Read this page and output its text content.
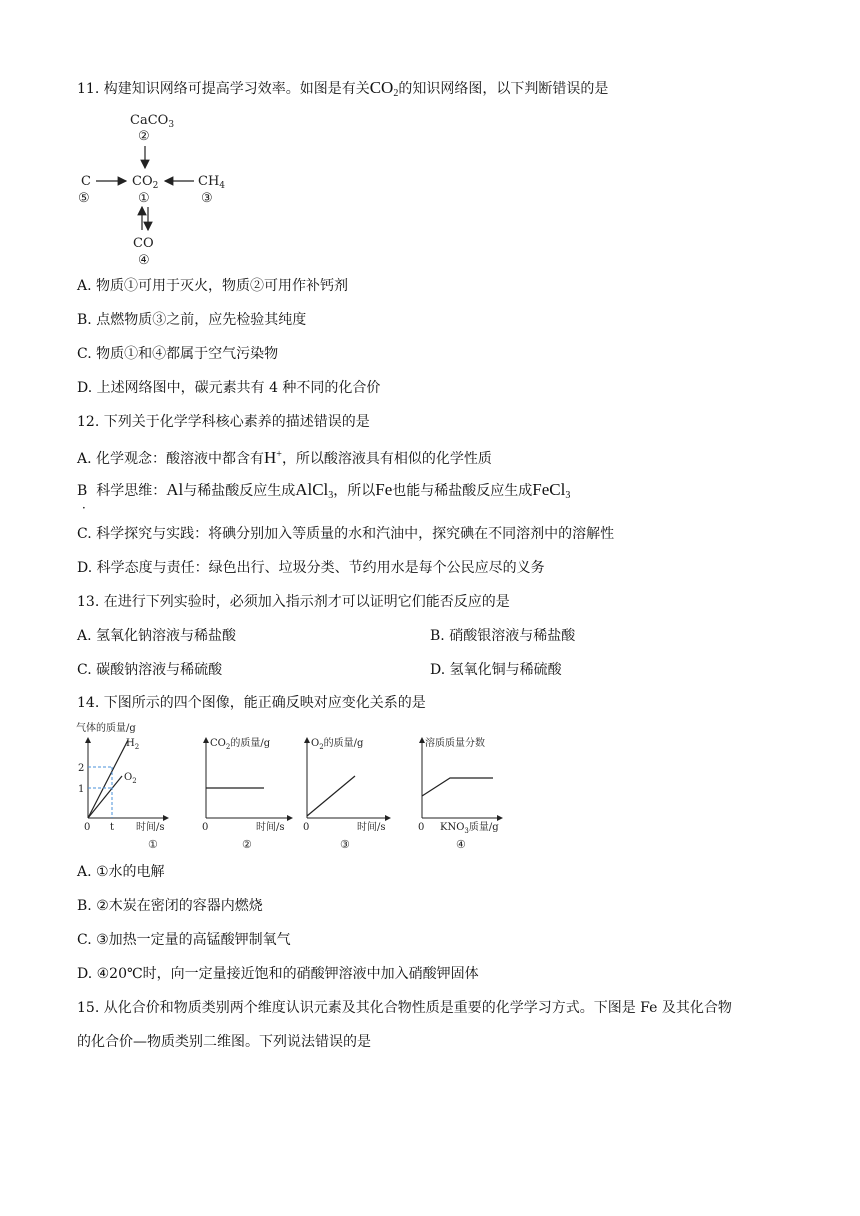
11. 构建知识网络可提高学习效率。如图是有关$CO_2$的知识网络图，以下判断错误的是
CaCO$_3$
②
$CO_2$
①
C
⑤
$CH_4$
③
CO
④
A. 物质①可用于灭火，物质②可用作补钙剂
B. 点燃物质③之前，应先检验其纯度
C. 物质①和④都属于空气污染物
D. 上述网络图中，碳元素共有 4 种不同的化合价
12. 下列关于化学学科核心素养的描述错误的是
A. 化学观念：酸溶液中都含有H+，所以酸溶液具有相似的化学性质
B 科学思维：Al与稀盐酸反应生成AlCl$_3$，所以Fe也能与稀盐酸反应生成FeCl$_3$
．
C. 科学探究与实践：将碘分别加入等质量的水和汽油中，探究碘在不同溶剂中的溶解性
D. 科学态度与责任：绿色出行、垃圾分类、节约用水是每个公民应尽的义务
13. 在进行下列实验时，必须加入指示剂才可以证明它们能否反应的是
A. 氢氧化钠溶液与稀盐酸	B. 硝酸银溶液与稀盐酸
C. 碳酸钠溶液与稀硫酸	D. 氢氧化铜与稀硫酸
14. 下图所示的四个图像，能正确反映对应变化关系的是
气体的质量/g
$H_2$
$O_2$
2
1
0 t 时间/s
①
$CO_2$的质量/g
0	时间/s
②
$O_2$的质量/g
0	时间/s
③
溶质质量分数
0 $KNO_3$质量/g
④
A. ①水的电解
B. ②木炭在密闭的容器内燃烧
C. ③加热一定量的高锰酸钾制氧气
D. ④20℃时，向一定量接近饱和的硝酸钾溶液中加入硝酸钾固体
15. 从化合价和物质类别两个维度认识元素及其化合物性质是重要的化学学习方式。下图是 Fe 及其化合物
的化合价—物质类别二维图。下列说法错误的是
